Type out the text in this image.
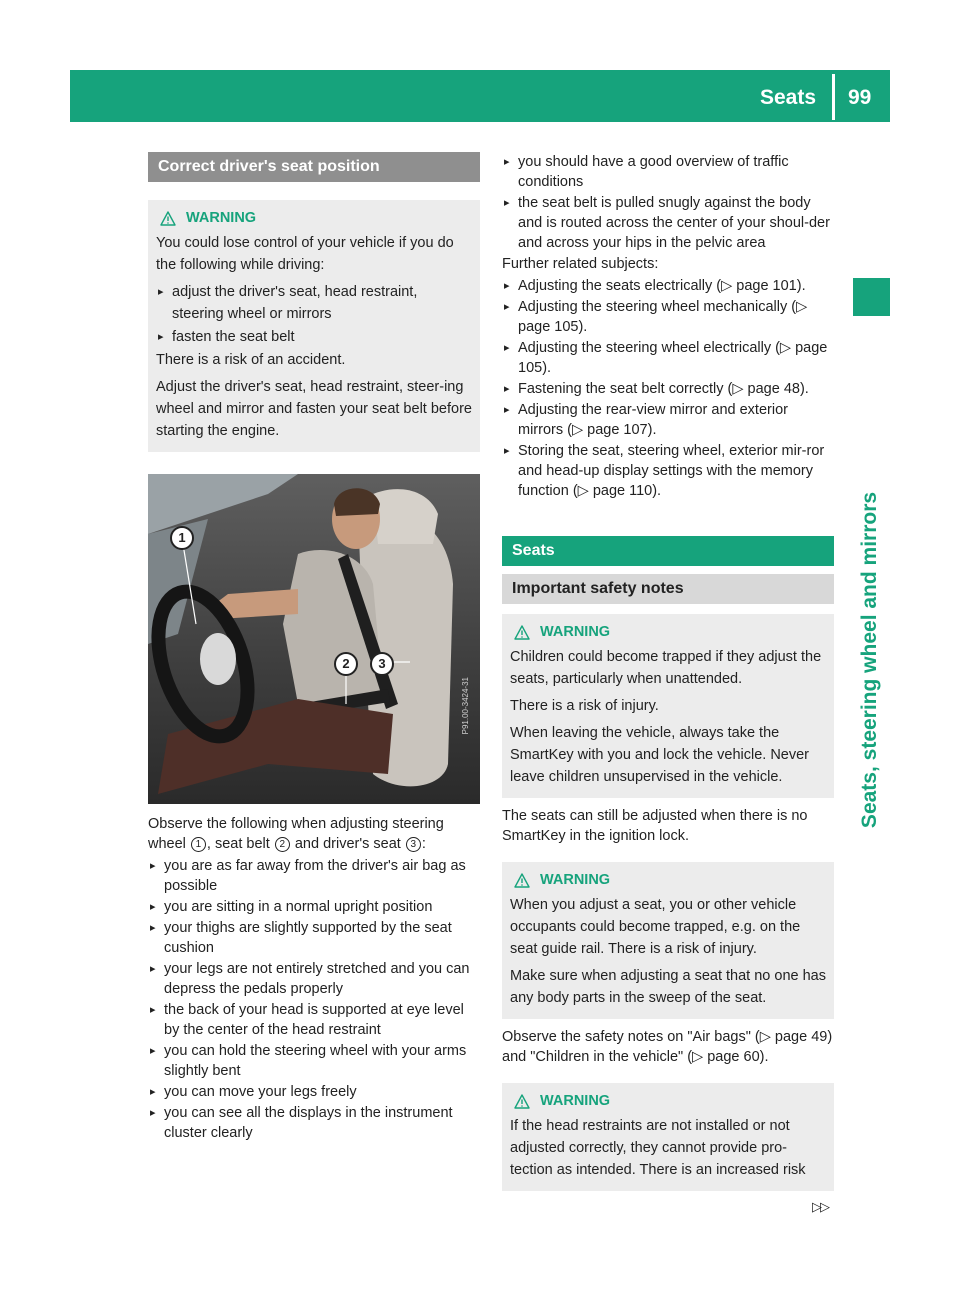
Seats 99
Seats, steering wheel and mirrors
Correct driver's seat position
WARNING

You could lose control of your vehicle if you do the following while driving:

▸ adjust the driver's seat, head restraint, steering wheel or mirrors
▸ fasten the seat belt

There is a risk of an accident.

Adjust the driver's seat, head restraint, steer-ing wheel and mirror and fasten your seat belt before starting the engine.

1
2	3
P91.00-3424-31

Observe the following when adjusting steering wheel 1 , seat belt 2 and driver's seat 3 :

▸ you are as far away from the driver's air bag as possible
▸ you are sitting in a normal upright position
▸ your thighs are slightly supported by the seat cushion
▸ your legs are not entirely stretched and you can depress the pedals properly
▸ the back of your head is supported at eye level by the center of the head restraint
▸ you can hold the steering wheel with your arms slightly bent
▸ you can move your legs freely
▸ you can see all the displays in the instrument cluster clearly
▸ you should have a good overview of traffic conditions
▸ the seat belt is pulled snugly against the body and is routed across the center of your shoul-der and across your hips in the pelvic area

Further related subjects:

▸ Adjusting the seats electrically (▷ page 101).
▸ Adjusting the steering wheel mechanically (▷ page 105).
▸ Adjusting the steering wheel electrically (▷ page 105).
▸ Fastening the seat belt correctly (▷ page 48).
▸ Adjusting the rear-view mirror and exterior mirrors (▷ page 107).
▸ Storing the seat, steering wheel, exterior mir-ror and head-up display settings with the memory function (▷ page 110).
Seats
Important safety notes
WARNING

Children could become trapped if they adjust the seats, particularly when unattended.

There is a risk of injury.

When leaving the vehicle, always take the SmartKey with you and lock the vehicle. Never leave children unsupervised in the vehicle.

The seats can still be adjusted when there is no SmartKey in the ignition lock.

WARNING

When you adjust a seat, you or other vehicle occupants could become trapped, e.g. on the seat guide rail. There is a risk of injury.

Make sure when adjusting a seat that no one has any body parts in the sweep of the seat.

Observe the safety notes on "Air bags" (▷ page 49) and "Children in the vehicle" (▷ page 60).

WARNING

If the head restraints are not installed or not adjusted correctly, they cannot provide pro-tection as intended. There is an increased risk

▷▷
